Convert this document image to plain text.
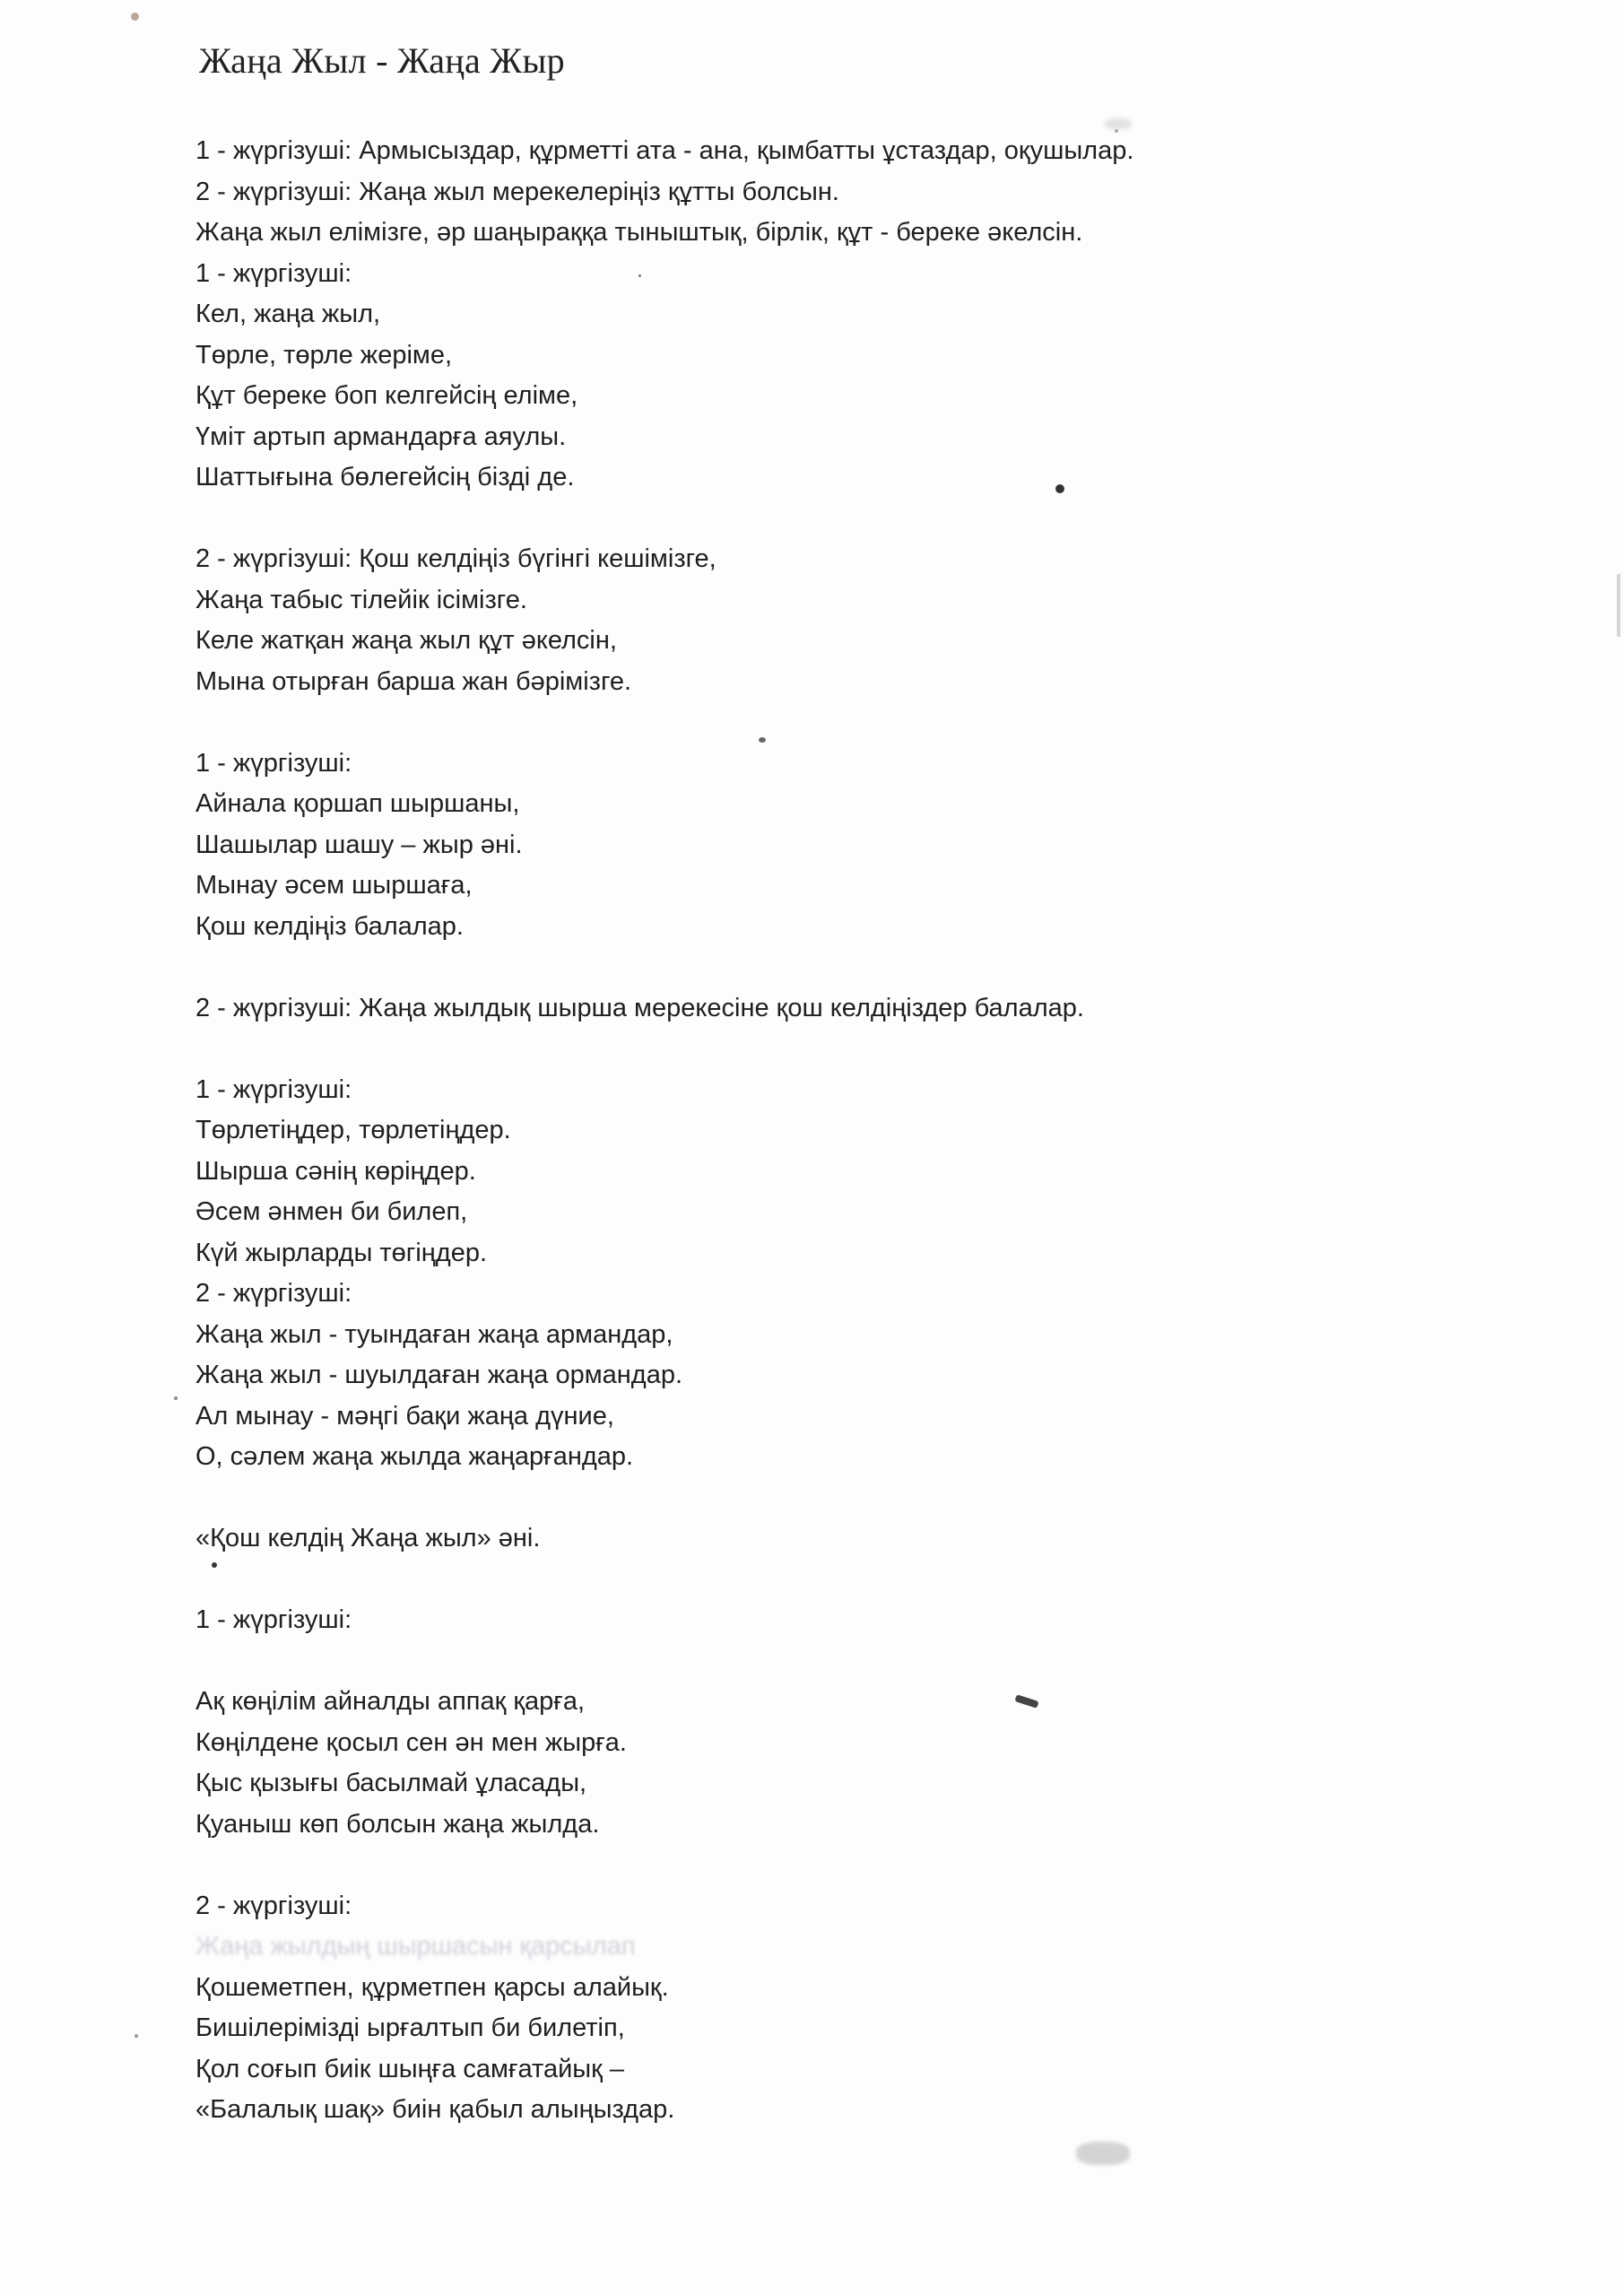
Жаңа Жыл - Жаңа Жыр
1 - жүргізуші: Армысыздар, құрметті ата - ана, қымбатты ұстаздар, оқушылар.
2 - жүргізуші: Жаңа жыл мерекелеріңіз құтты болсын.
Жаңа жыл елімізге, әр шаңыраққа тыныштық, бірлік, құт - береке әкелсін.
1 - жүргізуші:
Кел, жаңа жыл,
Төрле, төрле жеріме,
Құт береке боп келгейсің еліме,
Үміт артып армандарға аяулы.
Шаттығына бөлегейсің бізді де.
2 - жүргізуші: Қош келдіңіз бүгінгі кешімізге,
Жаңа табыс тілейік ісімізге.
Келе жатқан жаңа жыл құт әкелсін,
Мына отырған барша жан бәрімізге.
1 - жүргізуші:
Айнала қоршап шыршаны,
Шашылар шашу – жыр әні.
Мынау әсем шыршаға,
Қош келдіңіз балалар.
2 - жүргізуші: Жаңа жылдық шырша мерекесіне қош келдіңіздер балалар.
1 - жүргізуші:
Төрлетіңдер, төрлетіңдер.
Шырша сәнің көріңдер.
Әсем әнмен би билеп,
Күй жырларды төгіңдер.
2 - жүргізуші:
Жаңа жыл - туындаған жаңа армандар,
Жаңа жыл - шуылдаған жаңа ормандар.
Ал мынау - мәңгі бақи жаңа дүние,
О, сәлем жаңа жылда жаңарғандар.
«Қош келдің Жаңа жыл» әні.
1 - жүргізуші:
Ақ көңілім айналды аппақ қарға,
Көңілдене қосыл сен ән мен жырға.
Қыс қызығы басылмай ұласады,
Қуаныш көп болсын жаңа жылда.
2 - жүргізуші:
Жаңа жылдың шыршасын қарсылап
Қошеметпен, құрметпен қарсы алайық.
Бишілерімізді ырғалтып би билетіп,
Қол соғып биік шыңға самғатайық –
«Балалық шақ» биін қабыл алыңыздар.
